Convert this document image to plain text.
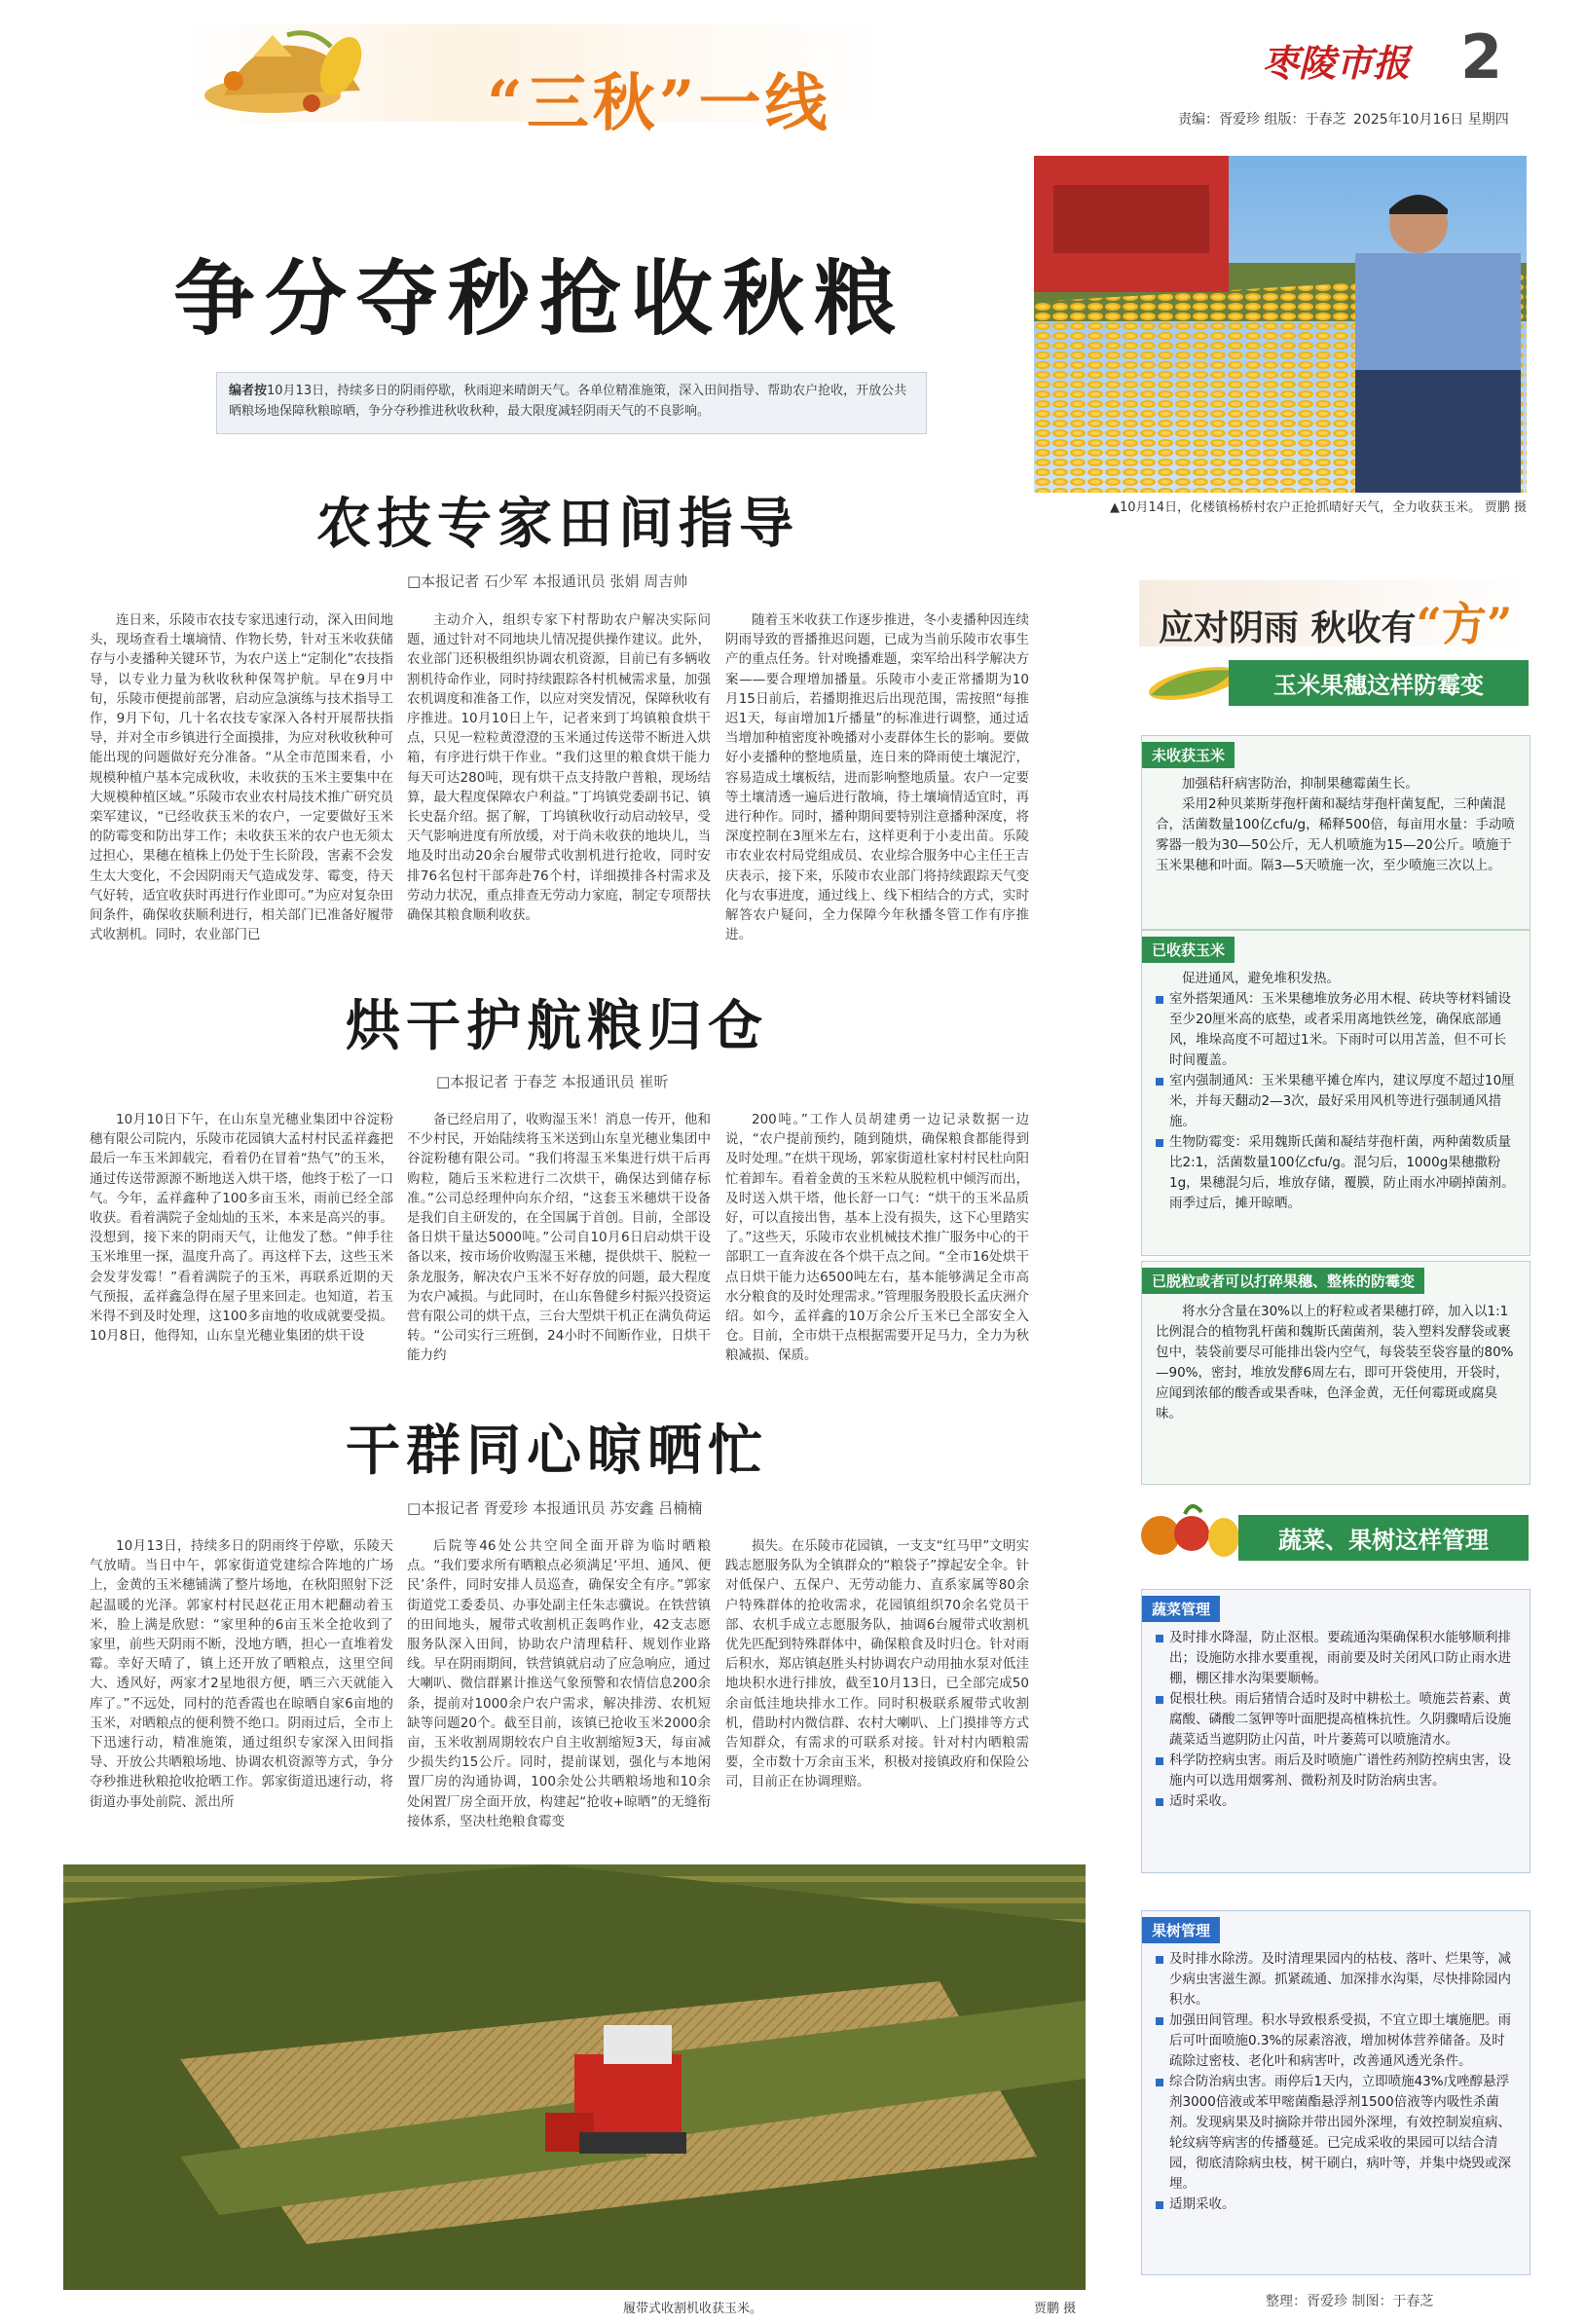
“三秋”一线
枣陵市报 2
责编：胥爱珍 组版：于春芝 2025年10月16日 星期四
争分夺秒抢收秋粮
▲10月14日，化楼镇杨桥村农户正抢抓晴好天气，全力收获玉米。 贾鹏 摄
编者按10月13日，持续多日的阴雨停歇，秋雨迎来晴朗天气。各单位精准施策，深入田间指导、帮助农户抢收，开放公共晒粮场地保障秋粮晾晒，争分夺秒推进秋收秋种，最大限度减轻阴雨天气的不良影响。
农技专家田间指导
□本报记者 石少军 本报通讯员 张娟 周吉帅
连日来，乐陵市农技专家迅速行动，深入田间地头，现场查看土壤墒情、作物长势，针对玉米收获储存与小麦播种关键环节，为农户送上“定制化”农技指导，以专业力量为秋收秋种保驾护航。早在9月中旬，乐陵市便提前部署，启动应急演练与技术指导工作，9月下旬，几十名农技专家深入各村开展帮扶指导，并对全市乡镇进行全面摸排，为应对秋收秋种可能出现的问题做好充分准备。“从全市范围来看，小规模种植户基本完成秋收，未收获的玉米主要集中在大规模种植区域。”乐陵市农业农村局技术推广研究员栾军建议，“已经收获玉米的农户，一定要做好玉米的防霉变和防出芽工作；未收获玉米的农户也无须太过担心，果穗在植株上仍处于生长阶段，害素不会发生太大变化，不会因阴雨天气造成发芽、霉变，待天气好转，适宜收获时再进行作业即可。”为应对复杂田间条件，确保收获顺利进行，相关部门已准备好履带式收割机。同时，农业部门已
主动介入，组织专家下村帮助农户解决实际问题，通过针对不同地块儿情况提供操作建议。此外，农业部门还积极组织协调农机资源，目前已有多辆收割机待命作业，同时持续跟踪各村机械需求量，加强农机调度和准备工作，以应对突发情况，保障秋收有序推进。10月10日上午，记者来到丁坞镇粮食烘干点，只见一粒粒黄澄澄的玉米通过传送带不断进入烘箱，有序进行烘干作业。“我们这里的粮食烘干能力每天可达280吨，现有烘干点支持散户普粮，现场结算，最大程度保障农户利益。”丁坞镇党委副书记、镇长史磊介绍。据了解，丁坞镇秋收行动启动较早，受天气影响进度有所放缓，对于尚未收获的地块儿，当地及时出动20余台履带式收割机进行抢收，同时安排76名包村干部奔赴76个村，详细摸排各村需求及劳动力状况，重点排查无劳动力家庭，制定专项帮扶确保其粮食顺利收获。
随着玉米收获工作逐步推进，冬小麦播种因连续阴雨导致的晋播推迟问题，已成为当前乐陵市农事生产的重点任务。针对晚播难题，栾军给出科学解决方案——要合理增加播量。乐陵市小麦正常播期为10月15日前后，若播期推迟后出现范围，需按照“每推迟1天，每亩增加1斤播量”的标准进行调整，通过适当增加种植密度补晚播对小麦群体生长的影响。要做好小麦播种的整地质量，连日来的降雨使土壤泥泞，容易造成土壤板结，进而影响整地质量。农户一定要等土壤清透一遍后进行散墒，待土壤墒情适宜时，再进行种作。同时，播种期间要特别注意播种深度，将深度控制在3厘米左右，这样更利于小麦出苗。乐陵市农业农村局党组成员、农业综合服务中心主任王吉庆表示，接下来，乐陵市农业部门将持续跟踪天气变化与农事进度，通过线上、线下相结合的方式，实时解答农户疑问，全力保障今年秋播冬管工作有序推进。
烘干护航粮归仓
□本报记者 于春芝 本报通讯员 崔昕
10月10日下午，在山东皇光穗业集团中谷淀粉穗有限公司院内，乐陵市花园镇大孟村村民孟祥鑫把最后一车玉米卸载完，看着仍在冒着“热气”的玉米，通过传送带源源不断地送入烘干塔，他终于松了一口气。今年，孟祥鑫种了100多亩玉米，雨前已经全部收获。看着满院子金灿灿的玉米，本来是高兴的事。没想到，接下来的阴雨天气，让他发了愁。“伸手往玉米堆里一探，温度升高了。再这样下去，这些玉米会发芽发霉！”看着满院子的玉米，再联系近期的天气预报，孟祥鑫急得在屋子里来回走。也知道，若玉米得不到及时处理，这100多亩地的收成就要受损。10月8日，他得知，山东皇光穗业集团的烘干设
备已经启用了，收购湿玉米！消息一传开，他和不少村民，开始陆续将玉米送到山东皇光穗业集团中谷淀粉穗有限公司。“我们将湿玉米集进行烘干后再购粒，随后玉米粒进行二次烘干，确保达到储存标准。”公司总经理仲向东介绍，“这套玉米穗烘干设备是我们自主研发的，在全国属于首创。目前，全部设备日烘干量达5000吨。”公司自10月6日启动烘干设备以来，按市场价收购湿玉米穗，提供烘干、脱粒一条龙服务，解决农户玉米不好存放的问题，最大程度为农户减损。与此同时，在山东鲁健乡村振兴投资运营有限公司的烘干点，三台大型烘干机正在满负荷运转。“公司实行三班倒，24小时不间断作业，日烘干能力约
200吨。”工作人员胡建勇一边记录数据一边说，“农户提前预约，随到随烘，确保粮食都能得到及时处理。”在烘干现场，郭家街道杜家村村民杜向阳忙着卸车。看着金黄的玉米粒从脱粒机中倾泻而出，及时送入烘干塔，他长舒一口气：“烘干的玉米品质好，可以直接出售，基本上没有损失，这下心里踏实了。”这些天，乐陵市农业机械技术推广服务中心的干部职工一直奔波在各个烘干点之间。“全市16处烘干点日烘干能力达6500吨左右，基本能够满足全市高水分粮食的及时处理需求。”管理服务股股长孟庆洲介绍。如今，孟祥鑫的10万余公斤玉米已全部安全入仓。目前，全市烘干点根据需要开足马力，全力为秋粮减损、保质。
干群同心晾晒忙
□本报记者 胥爱珍 本报通讯员 苏安鑫 吕楠楠
10月13日，持续多日的阴雨终于停歇，乐陵天气放晴。当日中午，郭家街道党建综合阵地的广场上，金黄的玉米穗铺满了整片场地，在秋阳照射下泛起温暖的光泽。郭家村村民赵花正用木耙翻动着玉米，脸上满是欣慰：“家里种的6亩玉米全抢收到了家里，前些天阴雨不断，没地方晒，担心一直堆着发霉。幸好天晴了，镇上还开放了晒粮点，这里空间大、透风好，两家才2星地很方便，晒三六天就能入库了。”不远处，同村的范香霞也在晾晒自家6亩地的玉米，对晒粮点的便利赞不绝口。阴雨过后，全市上下迅速行动，精准施策，通过组织专家深入田间指导、开放公共晒粮场地、协调农机资源等方式，争分夺秒推进秋粮抢收抢晒工作。郭家街道迅速行动，将街道办事处前院、派出所
后院等46处公共空间全面开辟为临时晒粮点。“我们要求所有晒粮点必须满足‘平坦、通风、便民’条件，同时安排人员巡查，确保安全有序。”郭家街道党工委委员、办事处副主任朱志骥说。在铁营镇的田间地头，履带式收割机正轰鸣作业，42支志愿服务队深入田间，协助农户清理秸秆、规划作业路线。早在阴雨期间，铁营镇就启动了应急响应，通过大喇叭、微信群累计推送气象预警和农情信息200余条，提前对1000余户农户需求，解决排涝、农机短缺等问题20个。截至目前，该镇已抢收玉米2000余亩，玉米收割周期较农户自主收割缩短3天，每亩减少损失约15公斤。同时，提前谋划，强化与本地闲置厂房的沟通协调，100余处公共晒粮场地和10余处闲置厂房全面开放，构建起“抢收+晾晒”的无缝衔接体系，坚决杜绝粮食霉变
损失。在乐陵市花园镇，一支支“红马甲”文明实践志愿服务队为全镇群众的“粮袋子”撑起安全伞。针对低保户、五保户、无劳动能力、直系家属等80余户特殊群体的抢收需求，花园镇组织70余名党员干部、农机手成立志愿服务队，抽调6台履带式收割机优先匹配到特殊群体中，确保粮食及时归仓。针对雨后积水，郑店镇赵胜头村协调农户动用抽水泵对低洼地块积水进行排放，截至10月13日，已全部完成50余亩低洼地块排水工作。同时积极联系履带式收割机，借助村内微信群、农村大喇叭、上门摸排等方式告知群众，有需求的可联系对接。针对村内晒粮需要，全市数十万余亩玉米，积极对接镇政府和保险公司，目前正在协调理赔。
履带式收割机收获玉米。	贾鹏 摄
应对阴雨 秋收有“方”
玉米果穗这样防霉变
未收获玉米
加强秸秆病害防治，抑制果穗霉菌生长。
采用2种贝莱斯芽孢杆菌和凝结芽孢杆菌复配，三种菌混合，活菌数量100亿cfu/g，稀释500倍，每亩用水量：手动喷雾器一般为30—50公斤，无人机喷施为15—20公斤。喷施于玉米果穗和叶面。隔3—5天喷施一次，至少喷施三次以上。
已收获玉米
促进通风，避免堆积发热。
室外搭架通风：玉米果穗堆放务必用木棍、砖块等材料铺设至少20厘米高的底垫，或者采用离地铁丝笼，确保底部通风，堆垛高度不可超过1米。下雨时可以用苫盖，但不可长时间覆盖。
室内强制通风：玉米果穗平摊仓库内，建议厚度不超过10厘米，并每天翻动2—3次，最好采用风机等进行强制通风措施。
生物防霉变：采用魏斯氏菌和凝结芽孢杆菌，两种菌数质量比2:1，活菌数量100亿cfu/g。混匀后，1000g果穗撒粉1g，果穗混匀后，堆放存储，覆膜，防止雨水冲刷掉菌剂。雨季过后，摊开晾晒。
已脱粒或者可以打碎果穗、整株的防霉变
将水分含量在30%以上的籽粒或者果穗打碎，加入以1:1比例混合的植物乳杆菌和魏斯氏菌菌剂，装入塑料发酵袋或裹包中，装袋前要尽可能排出袋内空气，每袋装至袋容量的80%—90%，密封，堆放发酵6周左右，即可开袋使用，开袋时，应闻到浓郁的酸香或果香味，色泽金黄，无任何霉斑或腐臭味。
蔬菜、果树这样管理
蔬菜管理
及时排水降湿，防止沤根。要疏通沟渠确保积水能够顺利排出；设施防水排水要重视，雨前要及时关闭风口防止雨水进棚，棚区排水沟渠要顺畅。
促根壮秧。雨后猪情合适时及时中耕松土。喷施芸苔素、黄腐酸、磷酸二氢钾等叶面肥提高植株抗性。久阴骤晴后设施蔬菜适当遮阴防止闪苗，叶片萎蔫可以喷施清水。
科学防控病虫害。雨后及时喷施广谱性药剂防控病虫害，设施内可以选用烟雾剂、微粉剂及时防治病虫害。
适时采收。
果树管理
及时排水除涝。及时清理果园内的枯枝、落叶、烂果等，减少病虫害滋生源。抓紧疏通、加深排水沟渠，尽快排除园内积水。
加强田间管理。积水导致根系受损，不宜立即土壤施肥。雨后可叶面喷施0.3%的尿素溶液，增加树体营养储备。及时疏除过密枝、老化叶和病害叶，改善通风透光条件。
综合防治病虫害。雨停后1天内，立即喷施43%戊唑醇悬浮剂3000倍液或苯甲嘧菌酯悬浮剂1500倍液等内吸性杀菌剂。发现病果及时摘除并带出园外深埋，有效控制炭疽病、轮纹病等病害的传播蔓延。已完成采收的果园可以结合清园，彻底清除病虫枝，树干刷白，病叶等，并集中烧毁或深埋。
适期采收。
整理：胥爱珍 制图：于春芝
